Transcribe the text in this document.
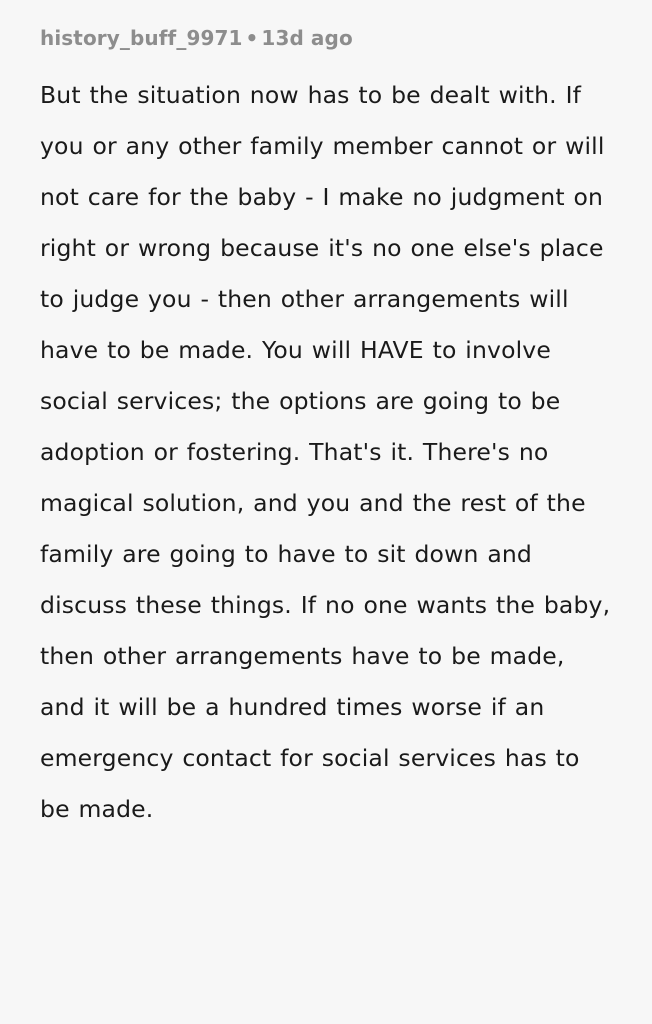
history_buff_9971 • 13d ago
But the situation now has to be dealt with. If you or any other family member cannot or will not care for the baby - I make no judgment on right or wrong because it's no one else's place to judge you - then other arrangements will have to be made. You will HAVE to involve social services; the options are going to be adoption or fostering. That's it. There's no magical solution, and you and the rest of the family are going to have to sit down and discuss these things. If no one wants the baby, then other arrangements have to be made, and it will be a hundred times worse if an emergency contact for social services has to be made.
